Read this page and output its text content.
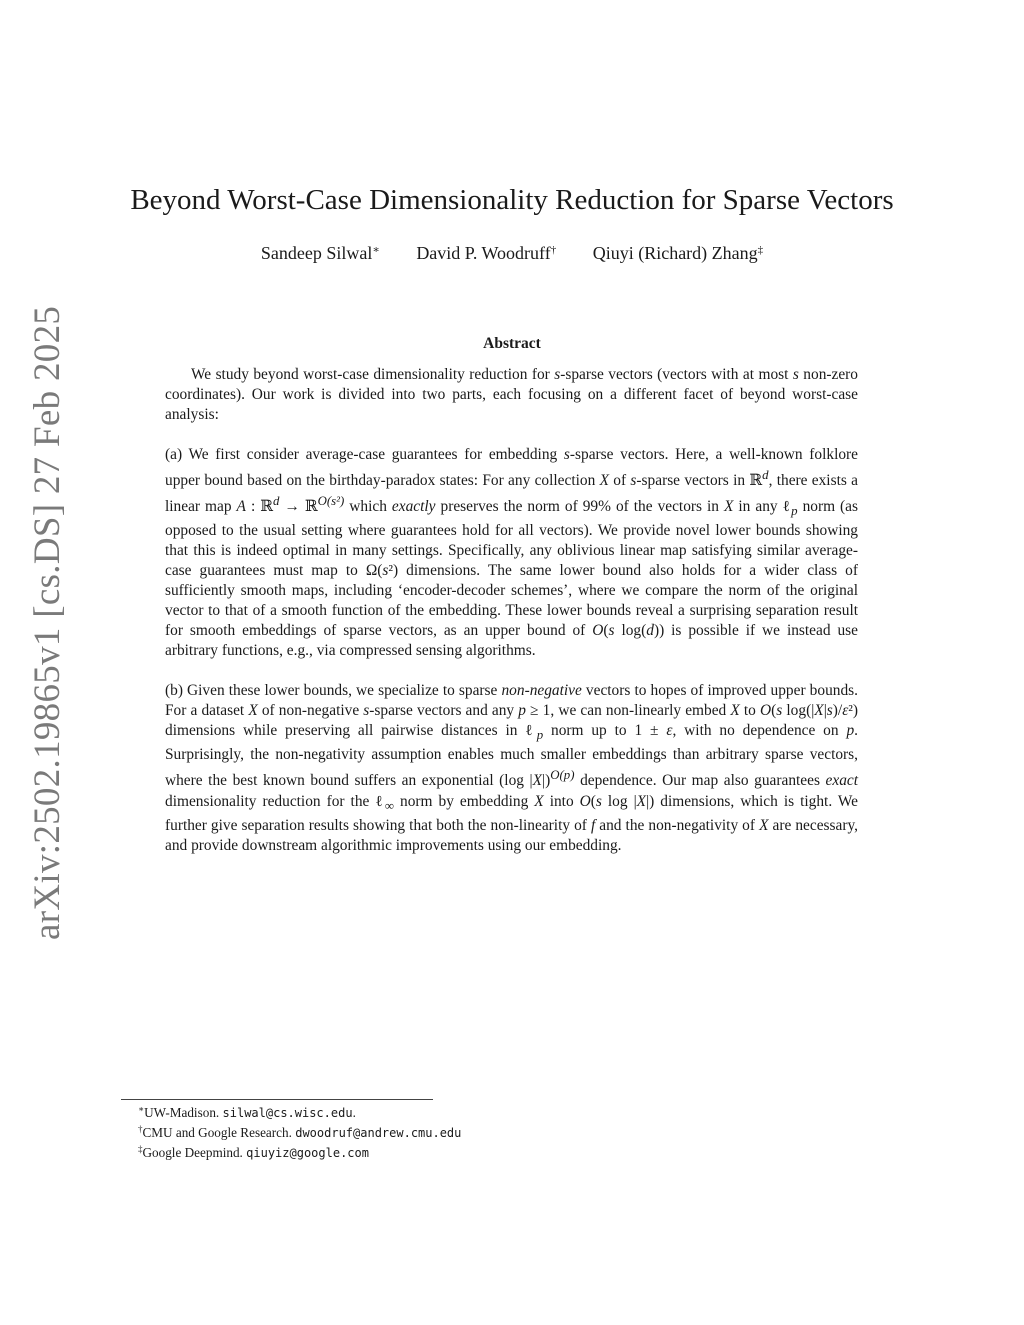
arXiv:2502.19865v1 [cs.DS] 27 Feb 2025
Beyond Worst-Case Dimensionality Reduction for Sparse Vectors
Sandeep Silwal∗ David P. Woodruff† Qiuyi (Richard) Zhang‡
Abstract

We study beyond worst-case dimensionality reduction for s-sparse vectors (vectors with at most s non-zero coordinates). Our work is divided into two parts, each focusing on a different facet of beyond worst-case analysis:

(a) We first consider average-case guarantees for embedding s-sparse vectors. Here, a well-known folklore upper bound based on the birthday-paradox states: For any collection X of s-sparse vectors in ℝ$^d$, there exists a linear map A : ℝ$^d$ → ℝ$^{O(s^2)}$ which exactly preserves the norm of 99% of the vectors in X in any ℓ$_p$ norm (as opposed to the usual setting where guarantees hold for all vectors). We provide novel lower bounds showing that this is indeed optimal in many settings. Specifically, any oblivious linear map satisfying similar average-case guarantees must map to Ω(s²) dimensions. The same lower bound also holds for a wider class of sufficiently smooth maps, including ‘encoder-decoder schemes’, where we compare the norm of the original vector to that of a smooth function of the embedding. These lower bounds reveal a surprising separation result for smooth embeddings of sparse vectors, as an upper bound of O(s log(d)) is possible if we instead use arbitrary functions, e.g., via compressed sensing algorithms.

(b) Given these lower bounds, we specialize to sparse non-negative vectors to hopes of improved upper bounds. For a dataset X of non-negative s-sparse vectors and any p ≥ 1, we can non-linearly embed X to O(s log(|X|s)/ε²) dimensions while preserving all pairwise distances in ℓ$_p$ norm up to 1 ± ε, with no dependence on p. Surprisingly, the non-negativity assumption enables much smaller embeddings than arbitrary sparse vectors, where the best known bound suffers an exponential (log |X|)$^{O(p)}$ dependence. Our map also guarantees exact dimensionality reduction for the ℓ$_\infty$ norm by embedding X into O(s log |X|) dimensions, which is tight. We further give separation results showing that both the non-linearity of f and the non-negativity of X are necessary, and provide downstream algorithmic improvements using our embedding.

∗UW-Madison. silwal@cs.wisc.edu.
†CMU and Google Research. dwoodruf@andrew.cmu.edu
‡Google Deepmind. qiuyiz@google.com
